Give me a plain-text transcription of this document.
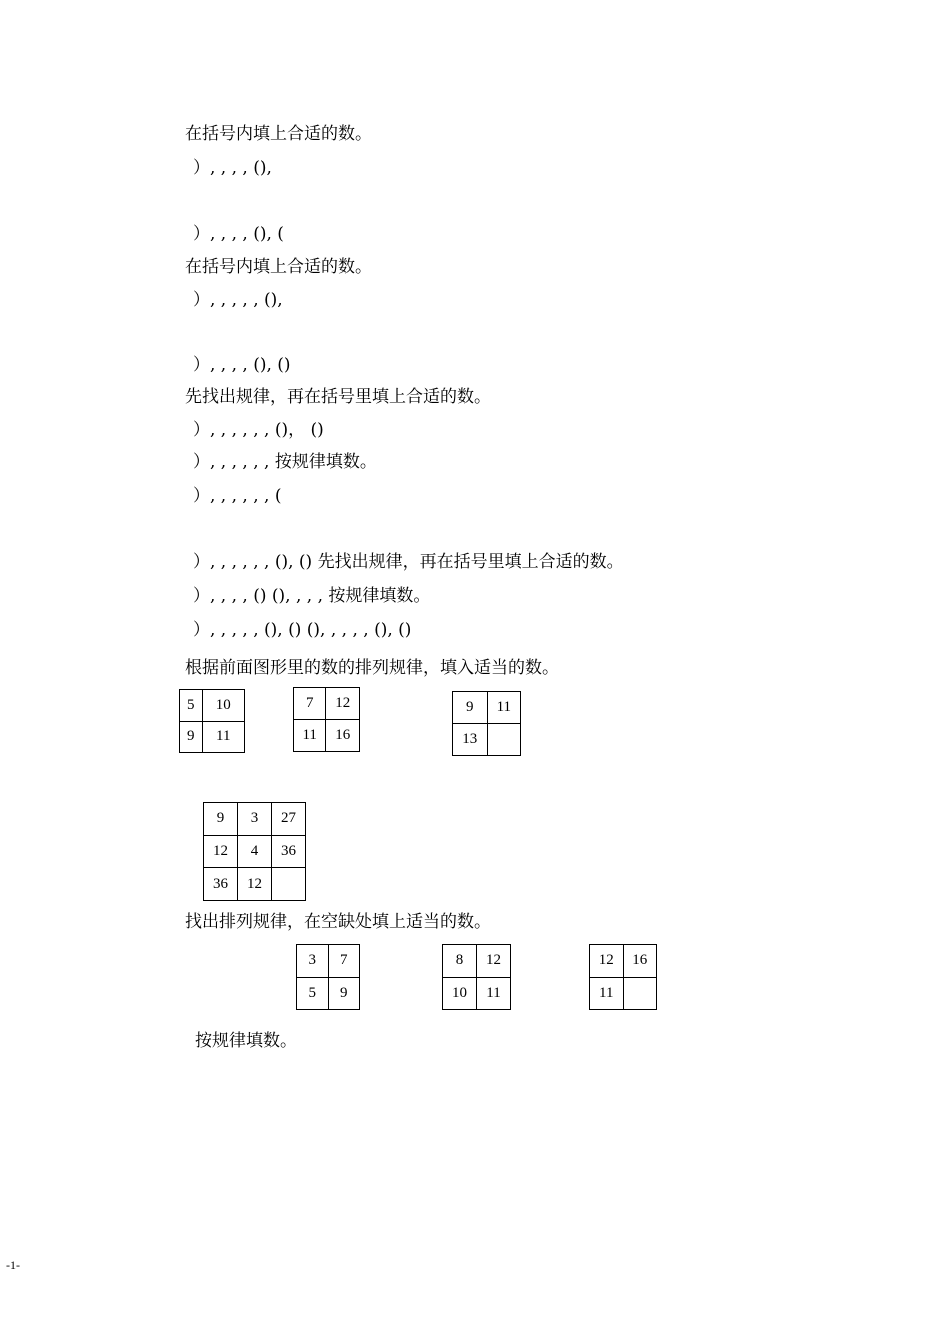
在括号内填上合适的数。
）, , , , (),
）, , , , (), (
在括号内填上合适的数。
）, , , , , (),
）, , , , (), ()
先找出规律，再在括号里填上合适的数。
）, , , , , , ()， ()
）, , , , , , 按规律填数。
）, , , , , , (
）, , , , , , (), () 先找出规律，再在括号里填上合适的数。
）, , , , () (), , , , 按规律填数。
）, , , , , (), () (), , , , , (), ()
根据前面图形里的数的排列规律，填入适当的数。
5	10
9	11
7	12
11	16
9	11
13	
9	3	27
12	4	36
36	12	
找出排列规律，在空缺处填上适当的数。
3	7
5	9
8	12
10	11
12	16
11	
按规律填数。
-1-
